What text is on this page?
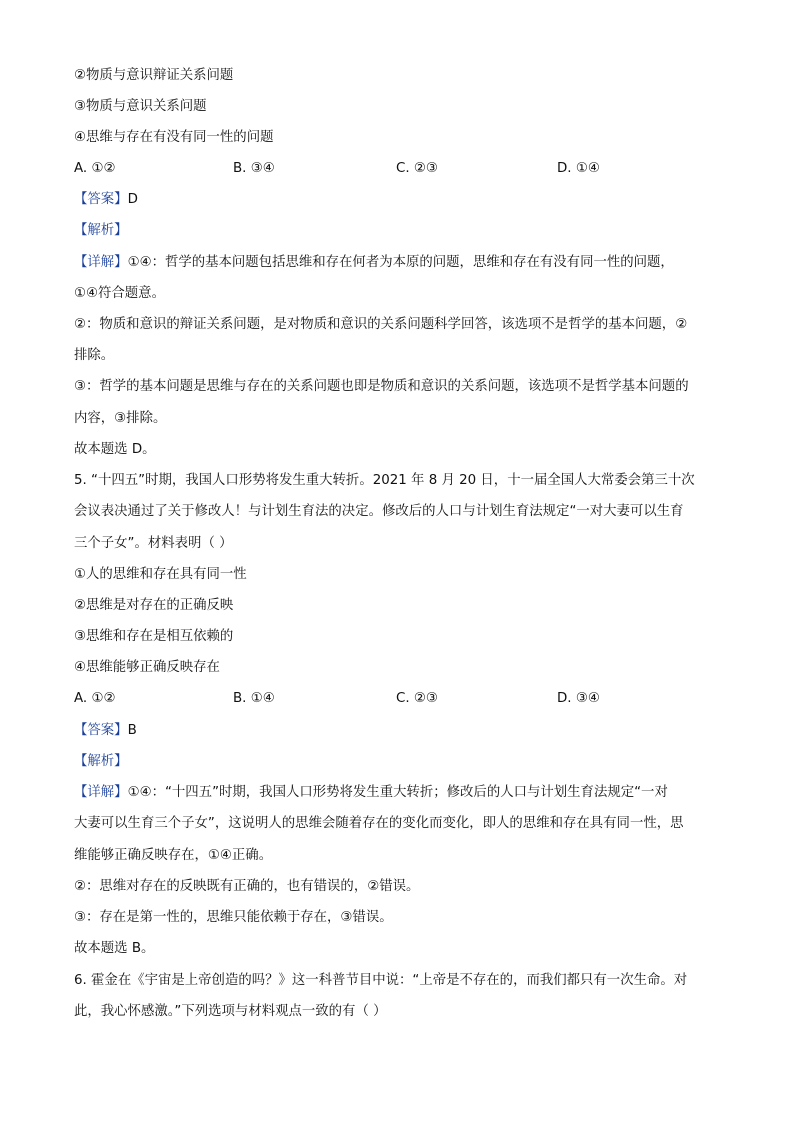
②物质与意识辩证关系问题
③物质与意识关系问题
④思维与存在有没有同一性的问题
A. ①②	B. ③④	C. ②③	D. ①④
【答案】D
【解析】
【详解】①④：哲学的基本问题包括思维和存在何者为本原的问题，思维和存在有没有同一性的问题，
①④符合题意。
②：物质和意识的辩证关系问题，是对物质和意识的关系问题科学回答，该选项不是哲学的基本问题，②
排除。
③：哲学的基本问题是思维与存在的关系问题也即是物质和意识的关系问题，该选项不是哲学基本问题的
内容，③排除。
故本题选 D。
5. “十四五”时期，我国人口形势将发生重大转折。2021 年 8 月 20 日，十一届全国人大常委会第三十次
会议表决通过了关于修改人！与计划生育法的决定。修改后的人口与计划生育法规定“一对大妻可以生育
三个子女”。材料表明（ ）
①人的思维和存在具有同一性
②思维是对存在的正确反映
③思维和存在是相互依赖的
④思维能够正确反映存在
A. ①②	B. ①④	C. ②③	D. ③④
【答案】B
【解析】
【详解】①④：“十四五”时期，我国人口形势将发生重大转折；修改后的人口与计划生育法规定“一对
大妻可以生育三个子女”，这说明人的思维会随着存在的变化而变化，即人的思维和存在具有同一性，思
维能够正确反映存在，①④正确。
②：思维对存在的反映既有正确的，也有错误的，②错误。
③：存在是第一性的，思维只能依赖于存在，③错误。
故本题选 B。
6. 霍金在《宇宙是上帝创造的吗？》这一科普节目中说：“上帝是不存在的，而我们都只有一次生命。对
此，我心怀感激。”下列选项与材料观点一致的有（ ）
